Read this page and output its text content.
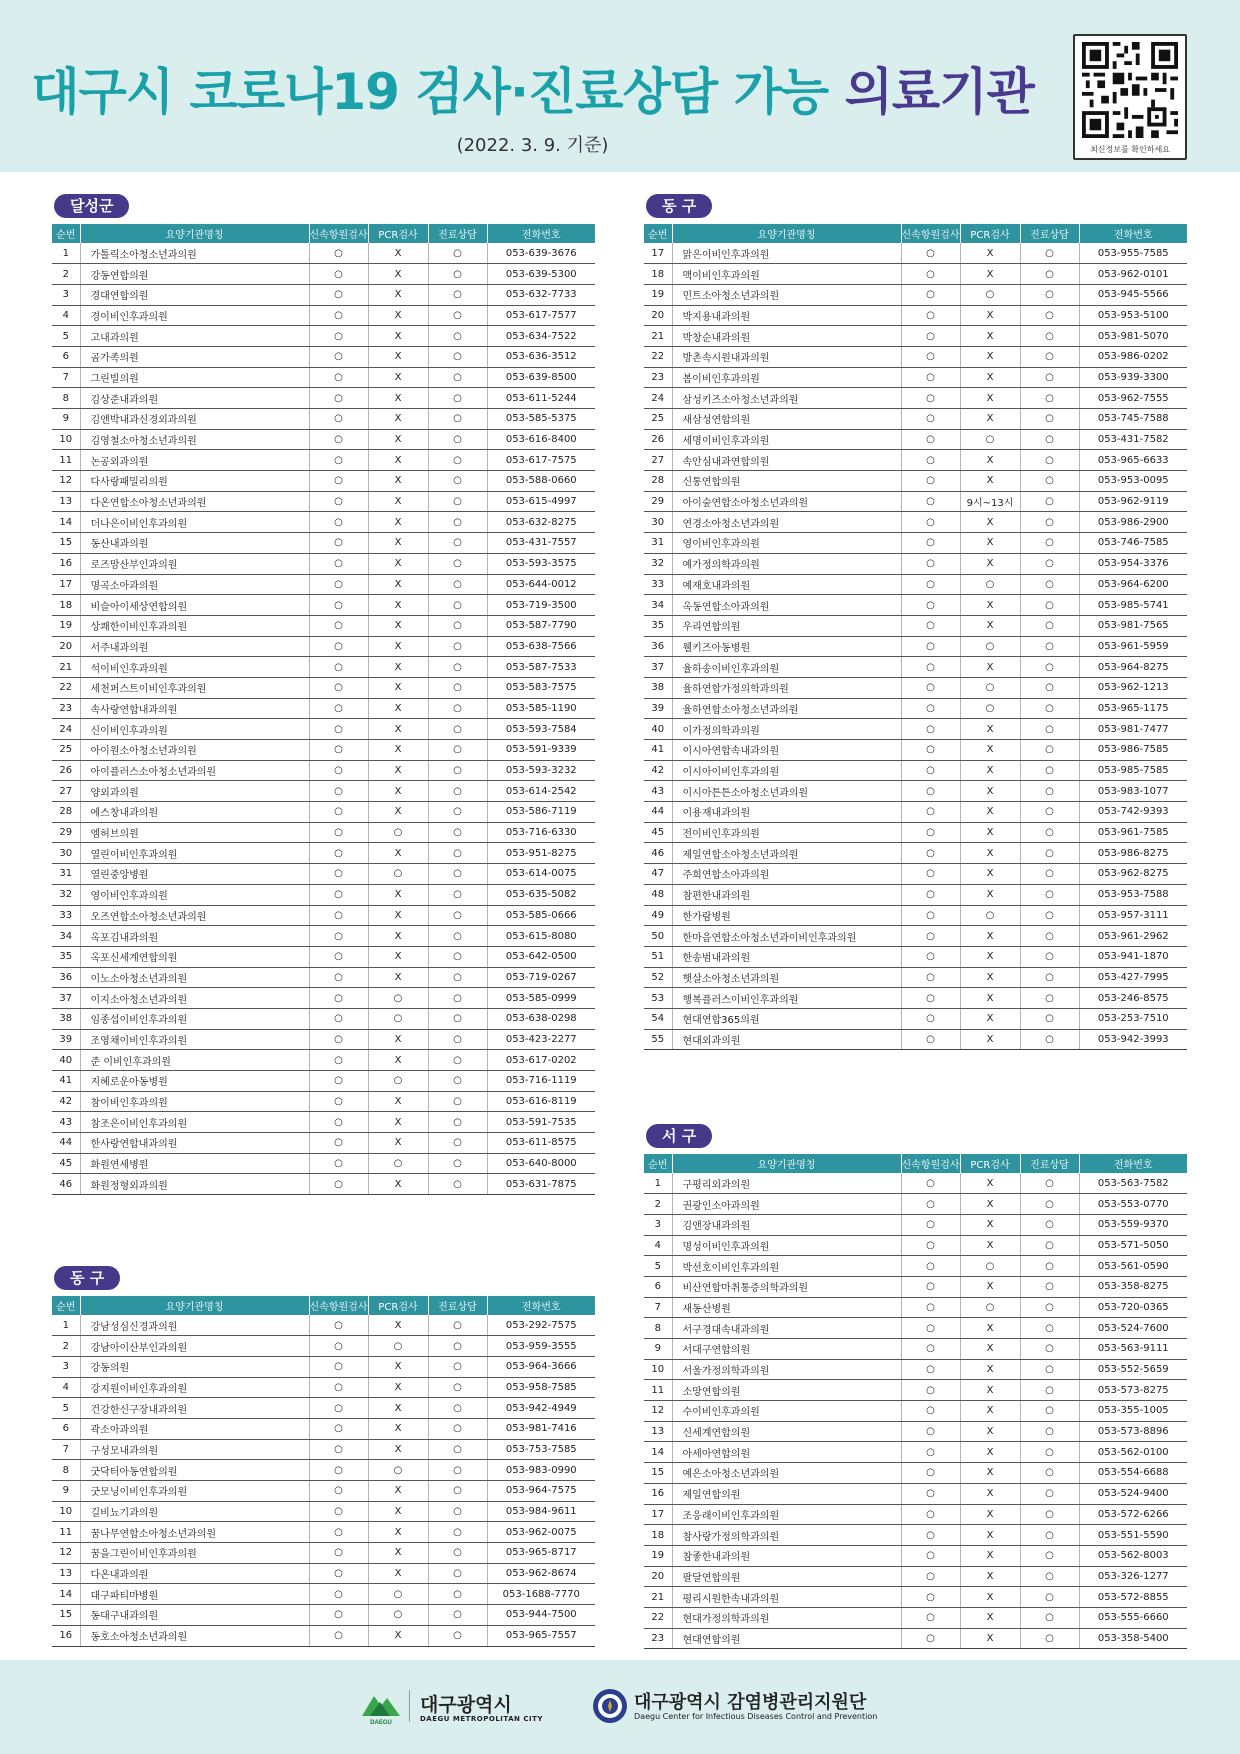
대구시 코로나19 검사·진료상담 가능 의료기관
(2022. 3. 9. 기준)	최신정보를 확인하세요
달성군
순번	요양기관명칭	신속항원검사	PCR검사	진료상담	전화번호
1	가톨릭소아청소년과의원	○	X	○	053-639-3676
2	강동연합의원	○	X	○	053-639-5300
3	경대연합의원	○	X	○	053-632-7733
4	경이비인후과의원	○	X	○	053-617-7577
5	고내과의원	○	X	○	053-634-7522
6	곰가족의원	○	X	○	053-636-3512
7	그린빌의원	○	X	○	053-639-8500
8	김상준내과의원	○	X	○	053-611-5244
9	김앤박내과신경외과의원	○	X	○	053-585-5375
10	김영철소아청소년과의원	○	X	○	053-616-8400
11	논공외과의원	○	X	○	053-617-7575
12	다사랑패밀리의원	○	X	○	053-588-0660
13	다온연합소아청소년과의원	○	X	○	053-615-4997
14	더나은이비인후과의원	○	X	○	053-632-8275
15	동산내과의원	○	X	○	053-431-7557
16	로즈맘산부인과의원	○	X	○	053-593-3575
17	명곡소아과의원	○	X	○	053-644-0012
18	비슬아이세상연합의원	○	X	○	053-719-3500
19	상쾌한이비인후과의원	○	X	○	053-587-7790
20	서주내과의원	○	X	○	053-638-7566
21	석이비인후과의원	○	X	○	053-587-7533
22	세천퍼스트이비인후과의원	○	X	○	053-583-7575
23	속사랑연합내과의원	○	X	○	053-585-1190
24	신이비인후과의원	○	X	○	053-593-7584
25	아이원소아청소년과의원	○	X	○	053-591-9339
26	아이플러스소아청소년과의원	○	X	○	053-593-3232
27	양외과의원	○	X	○	053-614-2542
28	에스창내과의원	○	X	○	053-586-7119
29	엠허브의원	○	○	○	053-716-6330
30	열린이비인후과의원	○	X	○	053-951-8275
31	열린중앙병원	○	○	○	053-614-0075
32	영이비인후과의원	○	X	○	053-635-5082
33	오즈연합소아청소년과의원	○	X	○	053-585-0666
34	옥포김내과의원	○	X	○	053-615-8080
35	옥포신세계연합의원	○	X	○	053-642-0500
36	이노소아청소년과의원	○	X	○	053-719-0267
37	이지소아청소년과의원	○	○	○	053-585-0999
38	임종섭이비인후과의원	○	○	○	053-638-0298
39	조영채이비인후과의원	○	X	○	053-423-2277
40	준 이비인후과의원	○	X	○	053-617-0202
41	지혜로운아동병원	○	○	○	053-716-1119
42	참이비인후과의원	○	X	○	053-616-8119
43	참조은이비인후과의원	○	X	○	053-591-7535
44	한사랑연합내과의원	○	X	○	053-611-8575
45	화원연세병원	○	○	○	053-640-8000
46	화원정형외과의원	○	X	○	053-631-7875
동 구
순번	요양기관명칭	신속항원검사	PCR검사	진료상담	전화번호
1	강남성심신경과의원	○	X	○	053-292-7575
2	강남아이산부인과의원	○	○	○	053-959-3555
3	강동의원	○	X	○	053-964-3666
4	강지원이비인후과의원	○	X	○	053-958-7585
5	건강한신구장내과의원	○	X	○	053-942-4949
6	곽소아과의원	○	X	○	053-981-7416
7	구성모내과의원	○	X	○	053-753-7585
8	굿닥터아동연합의원	○	○	○	053-983-0990
9	굿모닝이비인후과의원	○	X	○	053-964-7575
10	길비뇨기과의원	○	X	○	053-984-9611
11	꿈나무연합소아청소년과의원	○	X	○	053-962-0075
12	꿈을그린이비인후과의원	○	X	○	053-965-8717
13	다온내과의원	○	X	○	053-962-8674
14	대구파티마병원	○	○	○	053-1688-7770
15	동대구내과의원	○	○	○	053-944-7500
16	동호소아청소년과의원	○	X	○	053-965-7557
동 구
순번	요양기관명칭	신속항원검사	PCR검사	진료상담	전화번호
17	맑은이비인후과의원	○	X	○	053-955-7585
18	맥이비인후과의원	○	X	○	053-962-0101
19	민트소아청소년과의원	○	○	○	053-945-5566
20	박지용내과의원	○	X	○	053-953-5100
21	박창순내과의원	○	X	○	053-981-5070
22	방촌속시원내과의원	○	X	○	053-986-0202
23	봄이비인후과의원	○	X	○	053-939-3300
24	삼성키즈소아청소년과의원	○	X	○	053-962-7555
25	새삼성연합의원	○	X	○	053-745-7588
26	세명이비인후과의원	○	○	○	053-431-7582
27	속안심내과연합의원	○	X	○	053-965-6633
28	신통연합의원	○	X	○	053-953-0095
29	아이숲연합소아청소년과의원	○	9시~13시	○	053-962-9119
30	연경소아청소년과의원	○	X	○	053-986-2900
31	영이비인후과의원	○	X	○	053-746-7585
32	예가정의학과의원	○	X	○	053-954-3376
33	예재호내과의원	○	○	○	053-964-6200
34	옥동연합소아과의원	○	X	○	053-985-5741
35	우리연합의원	○	X	○	053-981-7565
36	웰키즈아동병원	○	○	○	053-961-5959
37	율하송이비인후과의원	○	X	○	053-964-8275
38	율하연합가정의학과의원	○	○	○	053-962-1213
39	율하연합소아청소년과의원	○	○	○	053-965-1175
40	이가정의학과의원	○	X	○	053-981-7477
41	이시아연합속내과의원	○	X	○	053-986-7585
42	이시아이비인후과의원	○	X	○	053-985-7585
43	이시아튼튼소아청소년과의원	○	X	○	053-983-1077
44	이용재내과의원	○	X	○	053-742-9393
45	전이비인후과의원	○	X	○	053-961-7585
46	제일연합소아청소년과의원	○	X	○	053-986-8275
47	주희연합소아과의원	○	X	○	053-962-8275
48	참편한내과의원	○	X	○	053-953-7588
49	한가람병원	○	○	○	053-957-3111
50	한마음연합소아청소년과이비인후과의원	○	X	○	053-961-2962
51	한송범내과의원	○	X	○	053-941-1870
52	햇살소아청소년과의원	○	X	○	053-427-7995
53	행복플러스이비인후과의원	○	X	○	053-246-8575
54	현대연합365의원	○	X	○	053-253-7510
55	현대외과의원	○	X	○	053-942-3993
서 구
순번	요양기관명칭	신속항원검사	PCR검사	진료상담	전화번호
1	구평리외과의원	○	X	○	053-563-7582
2	권광인소아과의원	○	X	○	053-553-0770
3	김앤장내과의원	○	X	○	053-559-9370
4	명성이비인후과의원	○	X	○	053-571-5050
5	박선호이비인후과의원	○	○	○	053-561-0590
6	비산연합마취통증의학과의원	○	X	○	053-358-8275
7	새동산병원	○	○	○	053-720-0365
8	서구경대속내과의원	○	X	○	053-524-7600
9	서대구연합의원	○	X	○	053-563-9111
10	서울가정의학과의원	○	X	○	053-552-5659
11	소망연합의원	○	X	○	053-573-8275
12	수이비인후과의원	○	X	○	053-355-1005
13	신세계연합의원	○	X	○	053-573-8896
14	아세아연합의원	○	X	○	053-562-0100
15	예은소아청소년과의원	○	X	○	053-554-6688
16	제일연합의원	○	X	○	053-524-9400
17	조응래이비인후과의원	○	X	○	053-572-6266
18	참사랑가정의학과의원	○	X	○	053-551-5590
19	참좋한내과의원	○	X	○	053-562-8003
20	팔달연합의원	○	X	○	053-326-1277
21	평리시원한속내과의원	○	X	○	053-572-8855
22	현대가정의학과의원	○	X	○	053-555-6660
23	현대연합의원	○	X	○	053-358-5400
DAEGU
대구광역시
DAEGU METROPOLITAN CITY
대구광역시 감염병관리지원단
Daegu Center for Infectious Diseases Control and Prevention
